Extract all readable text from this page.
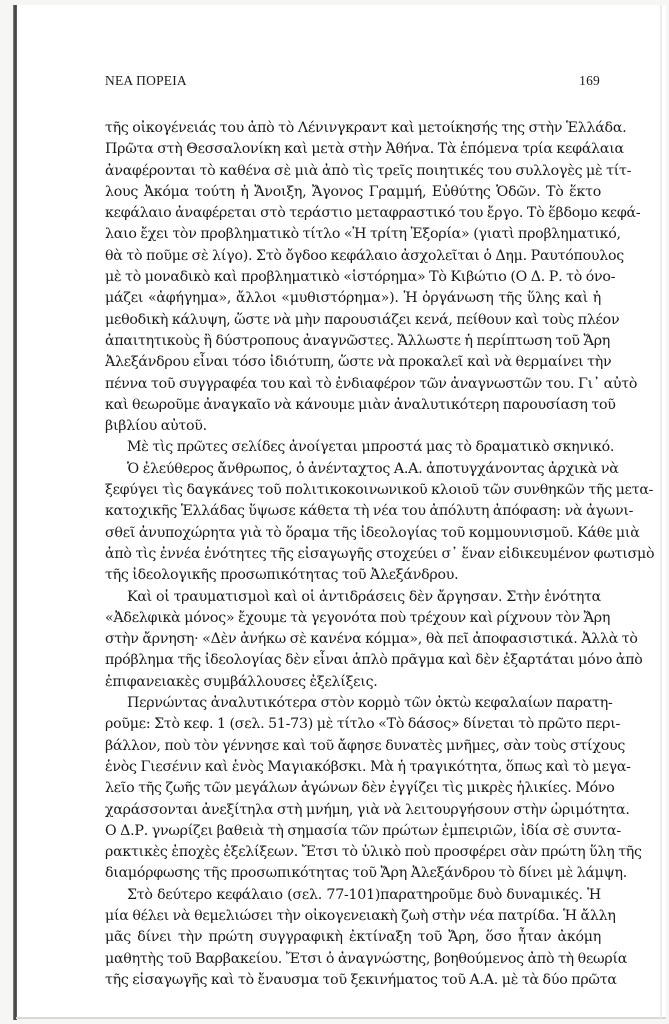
ΝΕΑ ΠΟΡΕΙΑ	169
τῆς οἰκογένειάς του ἀπὸ τὸ Λένινγκραντ καὶ μετοίκησής της στὴν Ἑλλάδα.
Πρῶτα στὴ Θεσσαλονίκη καὶ μετὰ στὴν Ἀθήνα. Τὰ ἑπόμενα τρία κεφάλαια
ἀναφέρονται τὸ καθένα σὲ μιὰ ἀπὸ τὶς τρεῖς ποιητικές του συλλογὲς μὲ τίτ-
λους Ἀκόμα τούτη ἡ Ἄνοιξη, Ἄγονος Γραμμή, Εὐθύτης Ὁδῶν. Τὸ ἕκτο
κεφάλαιο ἀναφέρεται στὸ τεράστιο μεταφραστικό του ἔργο. Τὸ ἕβδομο κεφά-
λαιο ἔχει τὸν προβληματικὸ τίτλο «Ἡ τρίτη Ἐξορία» (γιατὶ προβληματικό,
θὰ τὸ ποῦμε σὲ λίγο). Στὸ ὄγδοο κεφάλαιο ἀσχολεῖται ὁ Δημ. Ραυτόπουλος
μὲ τὸ μοναδικὸ καὶ προβληματικὸ «ἱστόρημα» Τὸ Κιβώτιο (Ο Δ. Ρ. τὸ όνο-
μάζει «ἀφήγημα», ἄλλοι «μυθιστόρημα»). Ἡ ὀργάνωση τῆς ὕλης καὶ ἡ
μεθοδικὴ κάλυψη, ὥστε νὰ μὴν παρουσιάζει κενά, πείθουν καὶ τοὺς πλέον
ἀπαιτητικοὺς ἢ δύστροπους ἀναγνῶστες. Ἄλλωστε ἡ περίπτωση τοῦ Ἄρη
Ἀλεξάνδρου εἶναι τόσο ἰδιότυπη, ὥστε νὰ προκαλεῖ καὶ νὰ θερμαίνει τὴν
πέννα τοῦ συγγραφέα του καὶ τὸ ἐνδιαφέρον τῶν ἀναγνωστῶν του. Γι᾽ αὐτὸ
καὶ θεωροῦμε ἀναγκαῖο νὰ κάνουμε μιὰν ἀναλυτικότερη παρουσίαση τοῦ
βιβλίου αὐτοῦ.
Μὲ τὶς πρῶτες σελίδες ἀνοίγεται μπροστά μας τὸ δραματικὸ σκηνικό.
Ὁ ἐλεύθερος ἄνθρωπος, ὁ ἀνένταχτος Α.Α. ἀποτυγχάνοντας ἀρχικὰ νὰ
ξεφύγει τὶς δαγκάνες τοῦ πολιτικοκοινωνικοῦ κλοιοῦ τῶν συνθηκῶν τῆς μετα-
κατοχικῆς Ἑλλάδας ὕψωσε κάθετα τὴ νέα του ἀπόλυτη ἀπόφαση: νὰ ἀγωνι-
σθεῖ ἀνυποχώρητα γιὰ τὸ ὅραμα τῆς ἰδεολογίας τοῦ κομμουνισμοῦ. Κάθε μιὰ
ἀπὸ τὶς ἐννέα ἑνότητες τῆς εἰσαγωγῆς στοχεύει σ᾽ ἕναν εἰδικευμένον φωτισμὸ
τῆς ἰδεολογικῆς προσωπικότητας τοῦ Ἀλεξάνδρου.
Καὶ οἱ τραυματισμοὶ καὶ οἱ ἀντιδράσεις δὲν ἄργησαν. Στὴν ἑνότητα
«Ἀδελφικὰ μόνος» ἔχουμε τὰ γεγονότα ποὺ τρέχουν καὶ ρίχνουν τὸν Ἄρη
στὴν ἄρνηση· «Δὲν ἀνήκω σὲ κανένα κόμμα», θὰ πεῖ ἀποφασιστικά. Ἀλλὰ τὸ
πρόβλημα τῆς ἰδεολογίας δὲν εἶναι ἁπλὸ πρᾶγμα καὶ δὲν ἐξαρτάται μόνο ἀπὸ
ἐπιφανειακὲς συμβάλλουσες ἐξελίξεις.
Περνώντας ἀναλυτικότερα στὸν κορμὸ τῶν ὀκτὼ κεφαλαίων παρατη-
ροῦμε: Στὸ κεφ. 1 (σελ. 51-73) μὲ τίτλο «Τὸ δάσος» δίνεται τὸ πρῶτο περι-
βάλλον, ποὺ τὸν γέννησε καὶ τοῦ ἄφησε δυνατὲς μνῆμες, σὰν τοὺς στίχους
ἑνὸς Γιεσένιν καὶ ἑνὸς Μαγιακόβσκι. Μὰ ἡ τραγικότητα, ὅπως καὶ τὸ μεγα-
λεῖο τῆς ζωῆς τῶν μεγάλων ἀγώνων δὲν ἐγγίζει τὶς μικρὲς ἡλικίες. Μόνο
χαράσσονται ἀνεξίτηλα στὴ μνήμη, γιὰ νὰ λειτουργήσουν στὴν ὡριμότητα.
Ο Δ.Ρ. γνωρίζει βαθειὰ τὴ σημασία τῶν πρώτων ἐμπειριῶν, ἰδία σὲ συντα-
ρακτικὲς ἐποχὲς ἐξελίξεων. Ἔτσι τὸ ὑλικὸ ποὺ προσφέρει σὰν πρώτη ὕλη τῆς
διαμόρφωσης τῆς προσωπικότητας τοῦ Ἄρη Ἀλεξάνδρου τὸ δίνει μὲ λάμψη.
Στὸ δεύτερο κεφάλαιο (σελ. 77-101)παρατηροῦμε δυὸ δυναμικές. Ἡ
μία θέλει νὰ θεμελιώσει τὴν οἰκογενειακὴ ζωὴ στὴν νέα πατρίδα. Ἡ ἄλλη
μᾶς δίνει τὴν πρώτη συγγραφικὴ ἐκτίναξη τοῦ Ἄρη, ὅσο ἦταν ἀκόμη
μαθητὴς τοῦ Βαρβακείου. Ἔτσι ὁ ἀναγνώστης, βοηθούμενος ἀπὸ τὴ θεωρία
τῆς εἰσαγωγῆς καὶ τὸ ἔναυσμα τοῦ ξεκινήματος τοῦ Α.Α. μὲ τὰ δύο πρῶτα
